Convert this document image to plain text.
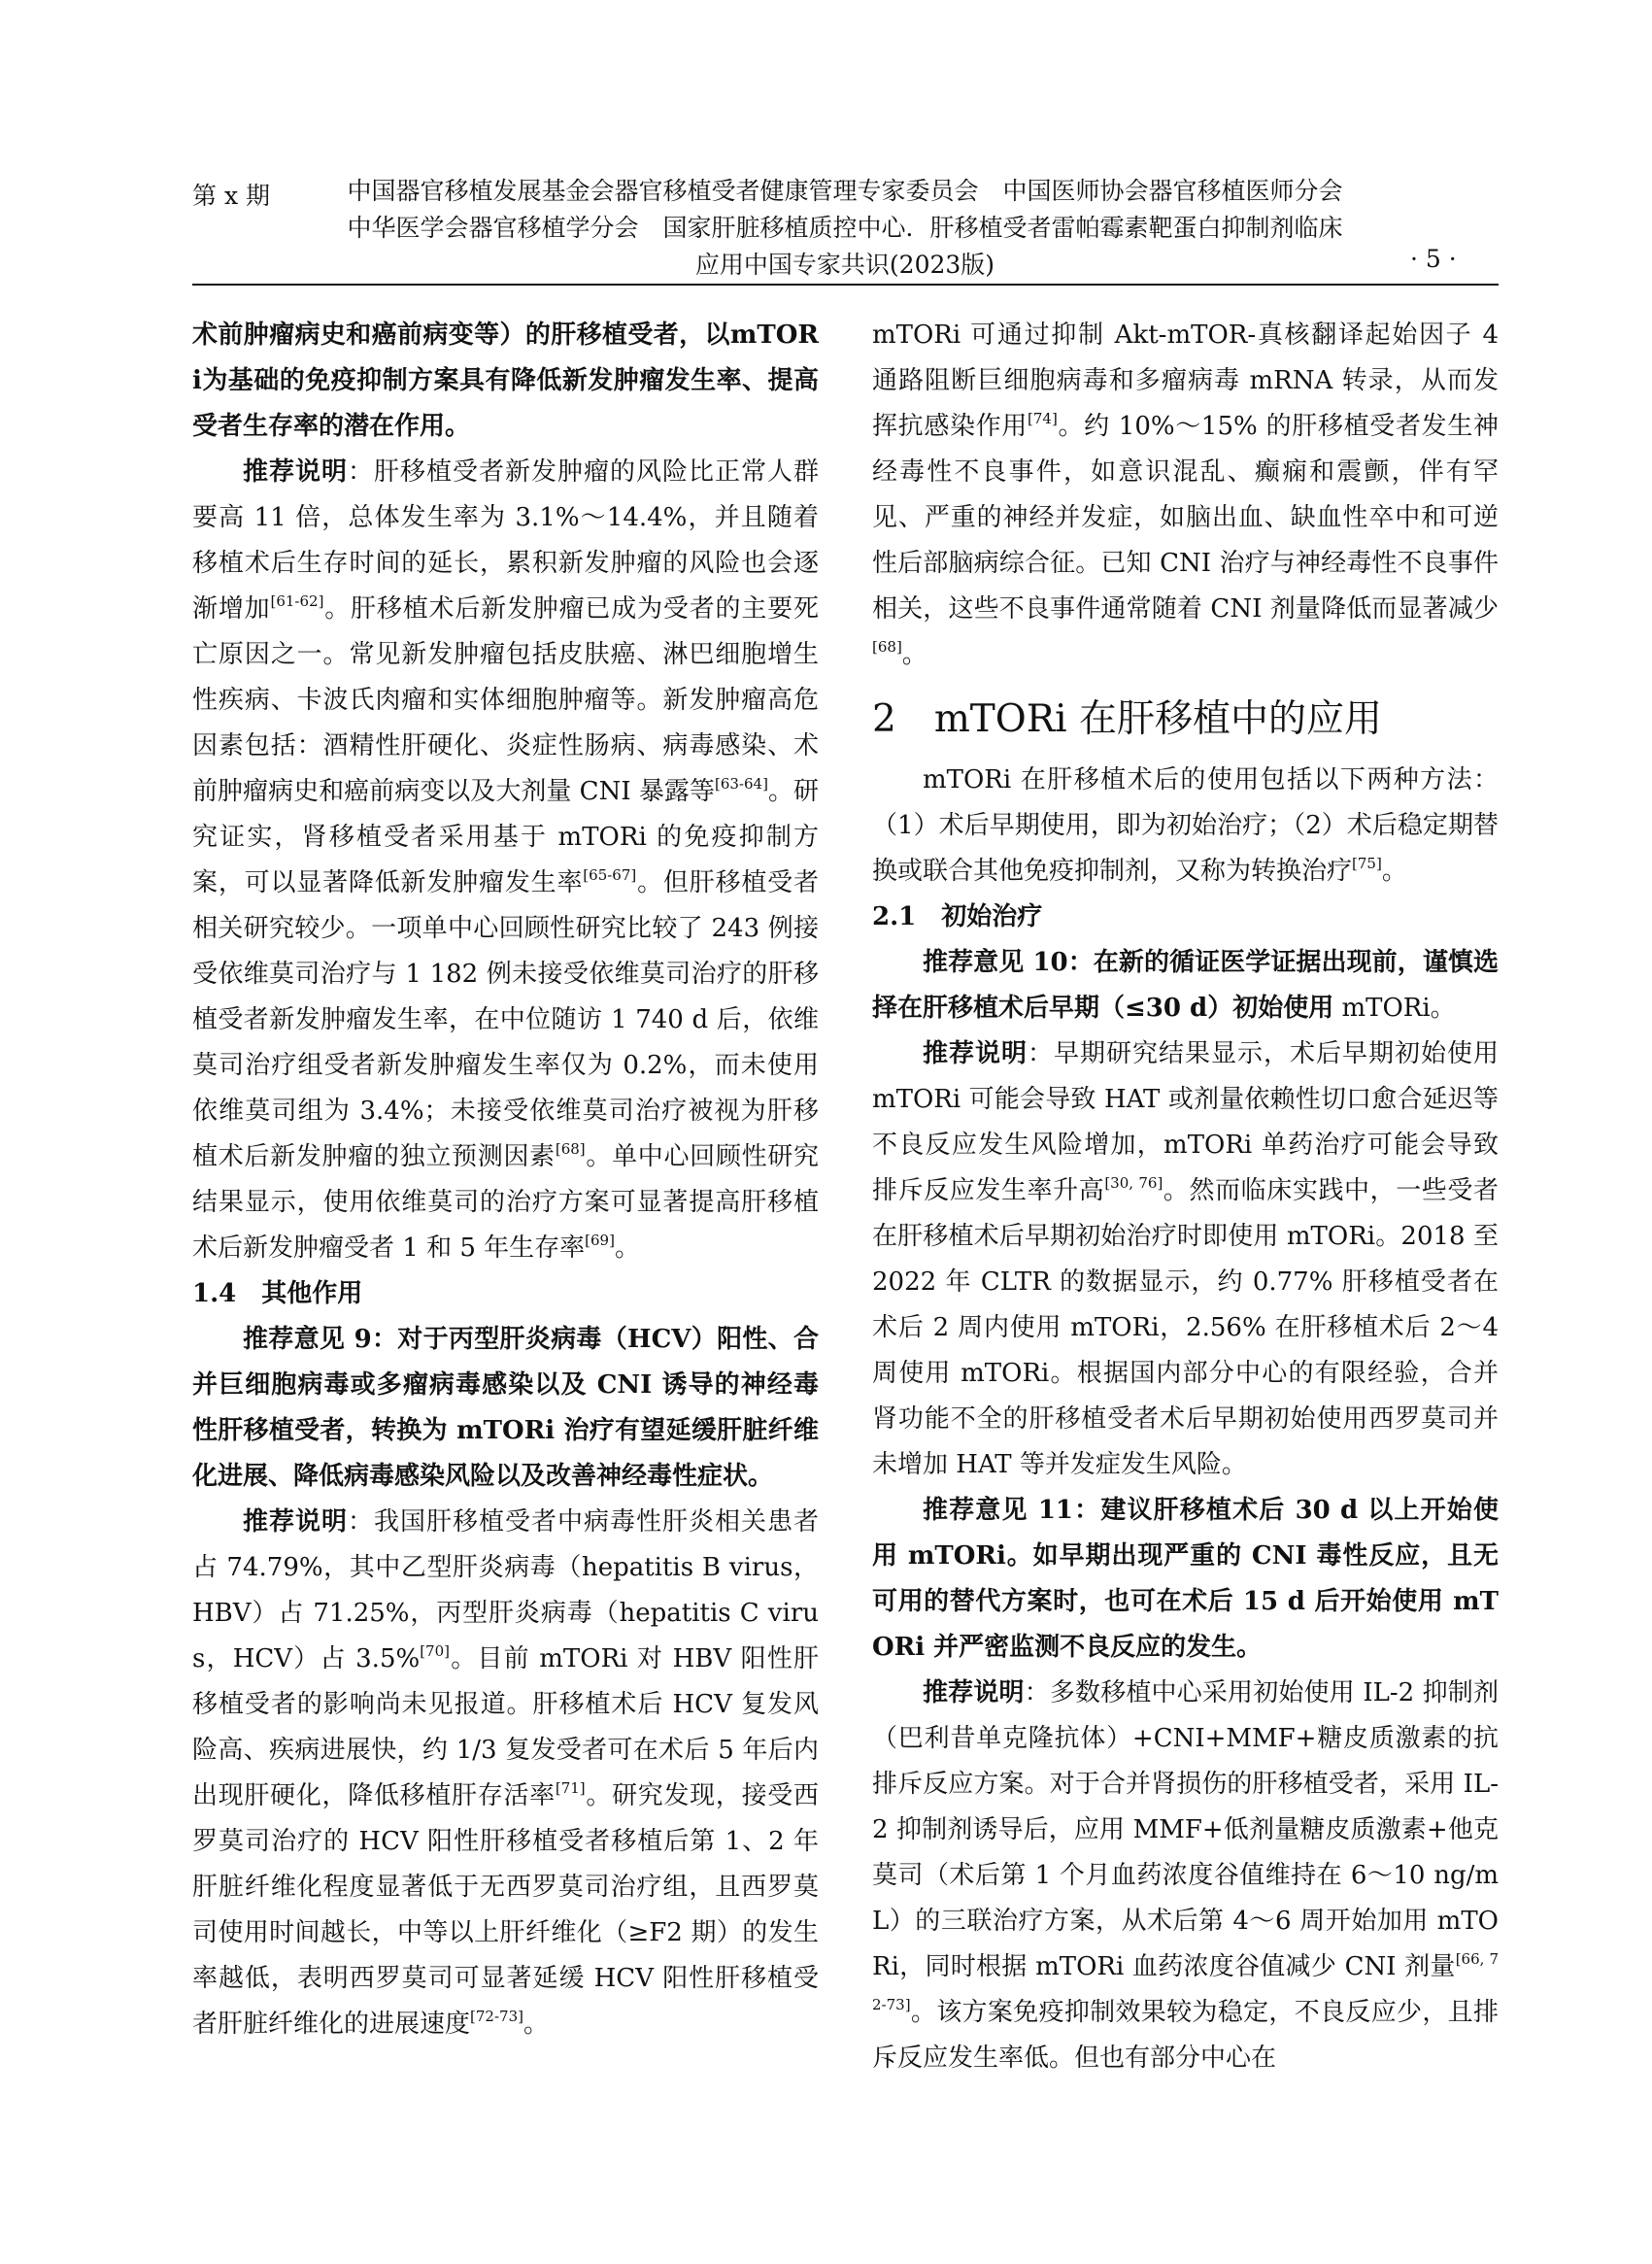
第 x 期	中国器官移植发展基金会器官移植受者健康管理专家委员会　中国医师协会器官移植医师分会
中华医学会器官移植学分会　国家肝脏移植质控中心．肝移植受者雷帕霉素靶蛋白抑制剂临床
应用中国专家共识(2023版)	· 5 ·

术前肿瘤病史和癌前病变等）的肝移植受者，以mTORi为基础的免疫抑制方案具有降低新发肿瘤发生率、提高受者生存率的潜在作用。

推荐说明：肝移植受者新发肿瘤的风险比正常人群要高 11 倍，总体发生率为 3.1%～14.4%，并且随着移植术后生存时间的延长，累积新发肿瘤的风险也会逐渐增加[61-62]。肝移植术后新发肿瘤已成为受者的主要死亡原因之一。常见新发肿瘤包括皮肤癌、淋巴细胞增生性疾病、卡波氏肉瘤和实体细胞肿瘤等。新发肿瘤高危因素包括：酒精性肝硬化、炎症性肠病、病毒感染、术前肿瘤病史和癌前病变以及大剂量 CNI 暴露等[63-64]。研究证实，肾移植受者采用基于 mTORi 的免疫抑制方案，可以显著降低新发肿瘤发生率[65-67]。但肝移植受者相关研究较少。一项单中心回顾性研究比较了 243 例接受依维莫司治疗与 1 182 例未接受依维莫司治疗的肝移植受者新发肿瘤发生率，在中位随访 1 740 d 后，依维莫司治疗组受者新发肿瘤发生率仅为 0.2%，而未使用依维莫司组为 3.4%；未接受依维莫司治疗被视为肝移植术后新发肿瘤的独立预测因素[68]。单中心回顾性研究结果显示，使用依维莫司的治疗方案可显著提高肝移植术后新发肿瘤受者 1 和 5 年生存率[69]。

1.4　其他作用

推荐意见 9：对于丙型肝炎病毒（HCV）阳性、合并巨细胞病毒或多瘤病毒感染以及 CNI 诱导的神经毒性肝移植受者，转换为 mTORi 治疗有望延缓肝脏纤维化进展、降低病毒感染风险以及改善神经毒性症状。

推荐说明：我国肝移植受者中病毒性肝炎相关患者占 74.79%，其中乙型肝炎病毒（hepatitis B virus，HBV）占 71.25%，丙型肝炎病毒（hepatitis C virus，HCV）占 3.5%[70]。目前 mTORi 对 HBV 阳性肝移植受者的影响尚未见报道。肝移植术后 HCV 复发风险高、疾病进展快，约 1/3 复发受者可在术后 5 年后内出现肝硬化，降低移植肝存活率[71]。研究发现，接受西罗莫司治疗的 HCV 阳性肝移植受者移植后第 1、2 年肝脏纤维化程度显著低于无西罗莫司治疗组，且西罗莫司使用时间越长，中等以上肝纤维化（≥F2 期）的发生率越低，表明西罗莫司可显著延缓 HCV 阳性肝移植受者肝脏纤维化的进展速度[72-73]。

mTORi 可通过抑制 Akt-mTOR-真核翻译起始因子 4 通路阻断巨细胞病毒和多瘤病毒 mRNA 转录，从而发挥抗感染作用[74]。约 10%～15% 的肝移植受者发生神经毒性不良事件，如意识混乱、癫痫和震颤，伴有罕见、严重的神经并发症，如脑出血、缺血性卒中和可逆性后部脑病综合征。已知 CNI 治疗与神经毒性不良事件相关，这些不良事件通常随着 CNI 剂量降低而显著减少[68]。

2　mTORi 在肝移植中的应用

mTORi 在肝移植术后的使用包括以下两种方法：（1）术后早期使用，即为初始治疗；（2）术后稳定期替换或联合其他免疫抑制剂，又称为转换治疗[75]。

2.1　初始治疗

推荐意见 10：在新的循证医学证据出现前，谨慎选择在肝移植术后早期（≤30 d）初始使用 mTORi。

推荐说明：早期研究结果显示，术后早期初始使用 mTORi 可能会导致 HAT 或剂量依赖性切口愈合延迟等不良反应发生风险增加，mTORi 单药治疗可能会导致排斥反应发生率升高[30, 76]。然而临床实践中，一些受者在肝移植术后早期初始治疗时即使用 mTORi。2018 至 2022 年 CLTR 的数据显示，约 0.77% 肝移植受者在术后 2 周内使用 mTORi，2.56% 在肝移植术后 2～4 周使用 mTORi。根据国内部分中心的有限经验，合并肾功能不全的肝移植受者术后早期初始使用西罗莫司并未增加 HAT 等并发症发生风险。

推荐意见 11：建议肝移植术后 30 d 以上开始使用 mTORi。如早期出现严重的 CNI 毒性反应，且无可用的替代方案时，也可在术后 15 d 后开始使用 mTORi 并严密监测不良反应的发生。

推荐说明：多数移植中心采用初始使用 IL-2 抑制剂（巴利昔单克隆抗体）+CNI+MMF+糖皮质激素的抗排斥反应方案。对于合并肾损伤的肝移植受者，采用 IL-2 抑制剂诱导后，应用 MMF+低剂量糖皮质激素+他克莫司（术后第 1 个月血药浓度谷值维持在 6～10 ng/mL）的三联治疗方案，从术后第 4～6 周开始加用 mTORi，同时根据 mTORi 血药浓度谷值减少 CNI 剂量[66, 72-73]。该方案免疫抑制效果较为稳定，不良反应少，且排斥反应发生率低。但也有部分中心在
